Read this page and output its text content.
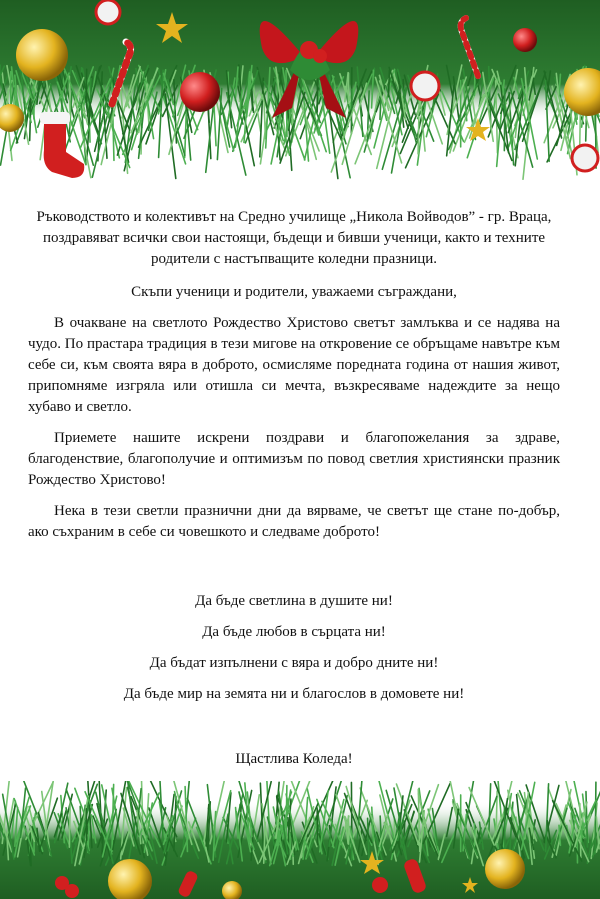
Ръководството и колективът на Средно училище „Никола Войводов” - гр. Враца, поздравяват всички свои настоящи, бъдещи и бивши ученици, както и техните родители с настъпващите коледни празници.

Скъпи ученици и родители, уважаеми съграждани,

В очакване на светлото Рождество Христово светът замлъква и се надява на чудо. По прастара традиция в тези мигове на откровение се обръщаме навътре към себе си, към своята вяра в доброто, осмисляме поредната година от нашия живот, припомняме изгряла или отишла си мечта, възкресяваме надеждите за нещо хубаво и светло.

Приемете нашите искрени поздрави и благопожелания за здраве, благоденствие, благополучие и оптимизъм по повод светлия християнски празник Рождество Христово!

Нека в тези светли празнични дни да вярваме, че светът ще стане по-добър, ако съхраним в себе си човешкото и следваме доброто!

Да бъде светлина в душите ни!

Да бъде любов в сърцата ни!

Да бъдат изпълнени с вяра и добро дните ни!

Да бъде мир на земята ни и благослов в домовете ни!

Щастлива Коледа!
